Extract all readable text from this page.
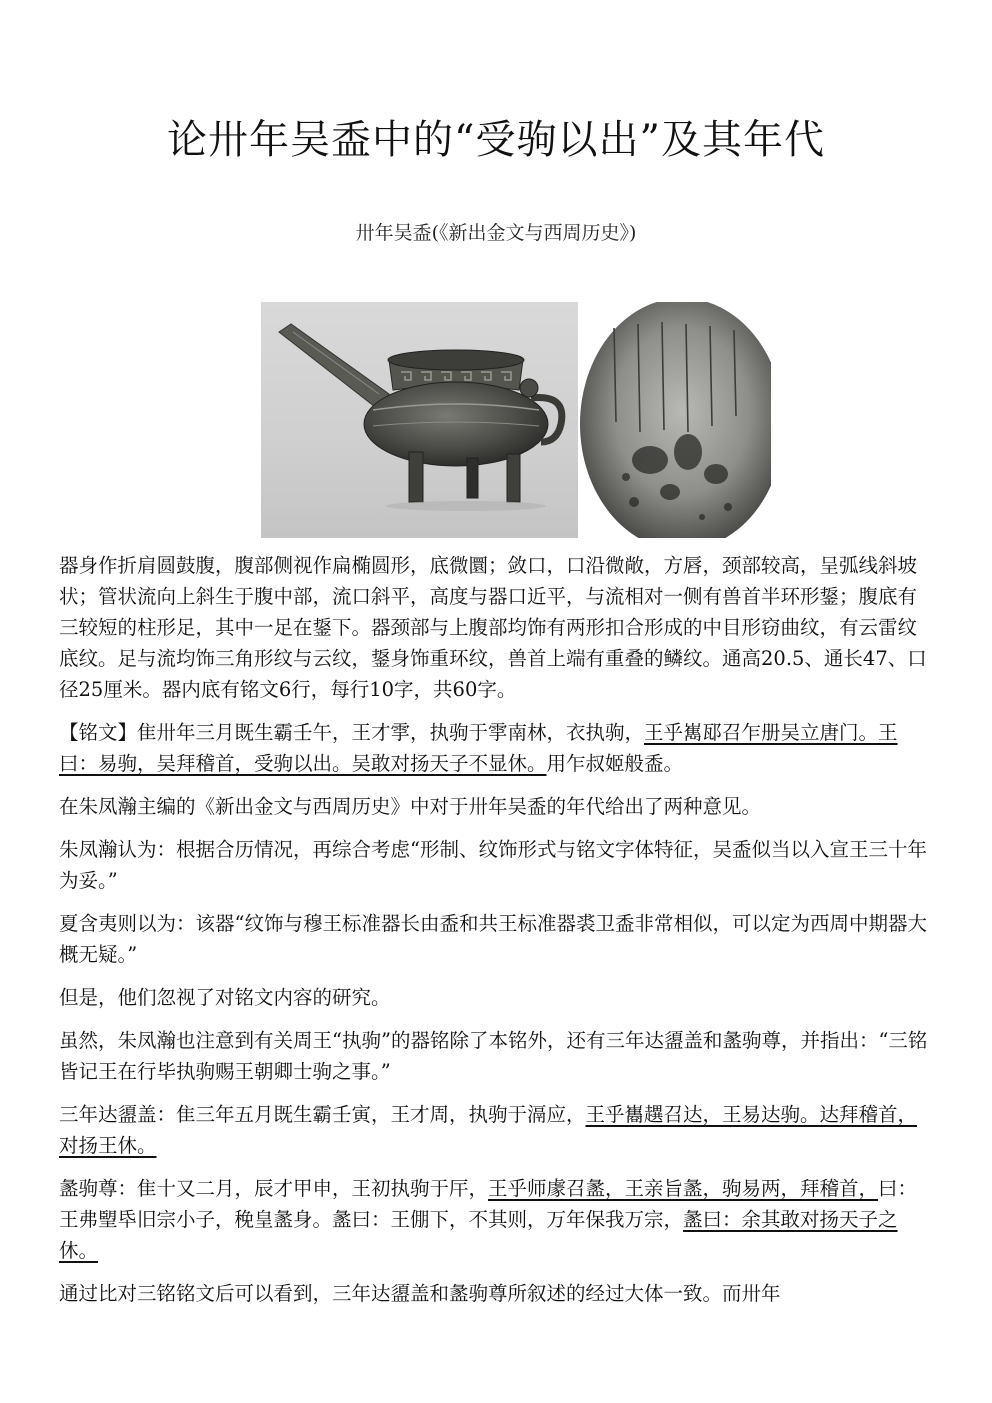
论卅年吴盉中的“受驹以出”及其年代
卅年吴盉(《新出金文与西周历史》)

器身作折肩圆鼓腹，腹部侧视作扁椭圆形，底微圜；敛口，口沿微敞，方唇，颈部较高，呈弧线斜坡状；管状流向上斜生于腹中部，流口斜平，高度与器口近平，与流相对一侧有兽首半环形鋬；腹底有三较短的柱形足，其中一足在鋬下。器颈部与上腹部均饰有两形扣合形成的中目形窃曲纹，有云雷纹底纹。足与流均饰三角形纹与云纹，鋬身饰重环纹，兽首上端有重叠的鳞纹。通高20.5、通长47、口径25厘米。器内底有铭文6行，每行10字，共60字。

【铭文】隹卅年三月既生霸壬午，王才𩁹，执驹于𩁹南林，衣执驹，王乎嶲邷召乍册吴立唐门。王曰：易驹，吴拜稽首，受驹以出。吴敢对扬天子不显休。用乍叔姬般盉。

在朱凤瀚主编的《新出金文与西周历史》中对于卅年吴盉的年代给出了两种意见。

朱凤瀚认为：根据合历情况，再综合考虑“形制、纹饰形式与铭文字体特征，吴盉似当以入宣王三十年为妥。”

夏含夷则以为：该器“纹饰与穆王标准器长由盉和共王标准器裘卫盉非常相似，可以定为西周中期器大概无疑。”

但是，他们忽视了对铭文内容的研究。

虽然，朱凤瀚也注意到有关周王“执驹”的器铭除了本铭外，还有三年达盨盖和盠驹尊，并指出：“三铭皆记王在行毕执驹赐王朝卿士驹之事。”

三年达盨盖：隹三年五月既生霸壬寅，王才周，执驹于滆应，王乎巂趩召达，王易达驹。达拜稽首，对扬王休。

盠驹尊：隹十又二月，辰才甲申，王初执驹于厈，王乎师豦召盠，王亲旨盠，驹易两，拜稽首，曰：王弗朢氒旧宗小子，䅋皇盠身。盠曰：王倗下，不其则，万年保我万宗，盠曰：余其敢对扬天子之休。

通过比对三铭铭文后可以看到，三年达盨盖和盠驹尊所叙述的经过大体一致。而卅年
